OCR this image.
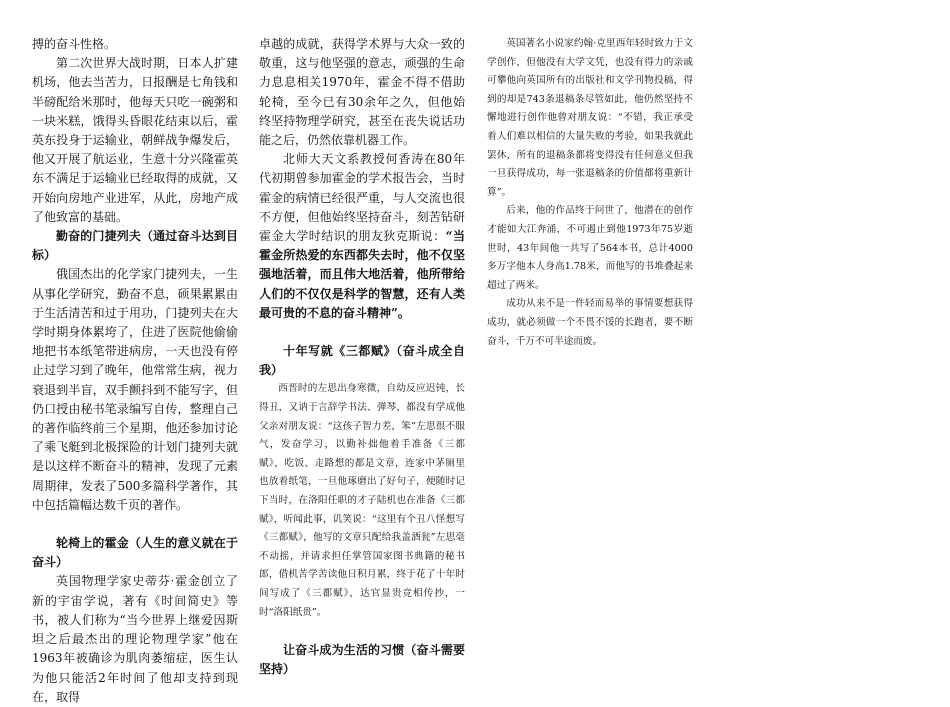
搏的奋斗性格。

第二次世界大战时期，日本人扩建机场，他去当苦力，日报酬是七角钱和半磅配给米那时，他每天只吃一碗粥和一块米糕，饿得头昏眼花结束以后，霍英东投身于运输业，朝鲜战争爆发后，他又开展了航运业，生意十分兴隆霍英东不满足于运输业已经取得的成就，又开始向房地产业进军，从此，房地产成了他致富的基础。

勤奋的门捷列夫（通过奋斗达到目标）

俄国杰出的化学家门捷列夫，一生从事化学研究，勤奋不息，硕果累累由于生活清苦和过于用功，门捷列夫在大学时期身体累垮了，住进了医院他偷偷地把书本纸笔带进病房，一天也没有停止过学习到了晚年，他常常生病，视力衰退到半盲，双手颤抖到不能写字，但仍口授由秘书笔录编写自传，整理自己的著作临终前三个星期，他还参加讨论了乘飞艇到北极探险的计划门捷列夫就是以这样不断奋斗的精神，发现了元素周期律，发表了500多篇科学著作，其中包括篇幅达数千页的著作。

轮椅上的霍金（人生的意义就在于奋斗）

英国物理学家史蒂芬·霍金创立了新的宇宙学说，著有《时间简史》等书，被人们称为“当今世界上继爱因斯坦之后最杰出的理论物理学家”他在1963年被确诊为肌肉萎缩症，医生认为他只能活2年时间了他却支持到现在，取得

卓越的成就，获得学术界与大众一致的敬重，这与他坚强的意志，顽强的生命力息息相关1970年，霍金不得不借助轮椅，至今已有30余年之久，但他始终坚持物理学研究，甚至在丧失说话功能之后，仍然依靠机器工作。

北师大天文系教授何香涛在80年代初期曾参加霍金的学术报告会，当时霍金的病情已经很严重，与人交流也很不方便，但他始终坚持奋斗，刻苦钻研霍金大学时结识的朋友狄克斯说：“当霍金所热爱的东西都失去时，他不仅坚强地活着，而且伟大地活着，他所带给人们的不仅仅是科学的智慧，还有人类最可贵的不息的奋斗精神”。

十年写就《三都赋》（奋斗成全自我）

西晋时的左思出身寒微，自幼反应迟钝，长得丑，又讷于言辞学书法、弹琴，都没有学成他父亲对朋友说：“这孩子智力差，笨”左思很不服气，发奋学习，以勤补拙他着手准备《三都赋》，吃饭、走路想的都是文章，连家中茅厕里也放着纸笔，一旦他琢磨出了好句子，便随时记下当时，在洛阳任职的才子陆机也在准备《三都赋》，听闻此事，讥笑说：“这里有个丑八怪想写《三都赋》，他写的文章只配给我盖酒瓮”左思毫不动摇，并请求担任掌管国家图书典籍的秘书郎，借机苦学苦读他日积月累，终于花了十年时间写成了《三都赋》，达官显贵竞相传抄，一时“洛阳纸贵”。

让奋斗成为生活的习惯（奋斗需要坚持）

英国著名小说家约翰·克里西年轻时致力于文学创作，但他没有大学文凭，也没有得力的亲戚可攀他向英国所有的出版社和文学刊物投稿，得到的却是743条退稿条尽管如此，他仍然坚持不懈地进行创作他曾对朋友说：“不错，我正承受着人们难以相信的大量失败的考验，如果我就此罢休，所有的退稿条都将变得没有任何意义但我一旦获得成功，每一张退稿条的价值都将重新计算”。

后来，他的作品终于问世了，他潜在的创作才能如大江奔涌，不可遏止到他1973年75岁逝世时，43年间他一共写了564本书，总计4000多万字他本人身高1.78米，而他写的书堆叠起来超过了两米。

成功从来不是一件轻而易举的事情要想获得成功，就必须做一个不畏不馁的长跑者，要不断奋斗，千万不可半途而废。
